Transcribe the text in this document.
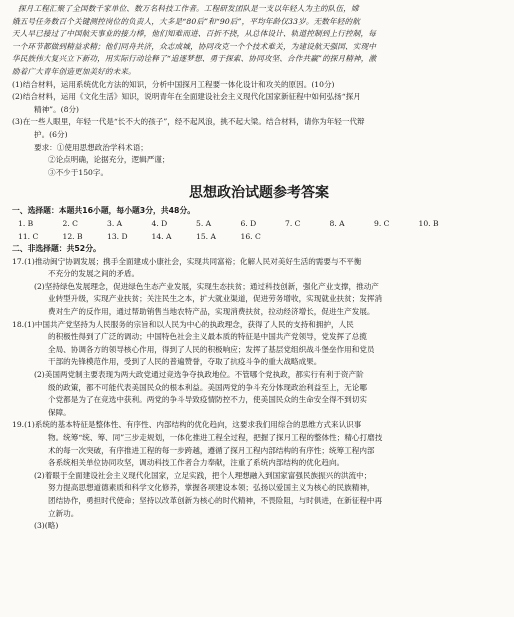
探月工程汇聚了全国数千家单位、数万名科技工作者。工程研发团队是一支以年轻人为主的队伍，嫦
娥五号任务数百个关键测控岗位的负责人，大多是“80后”和“90后”，平均年龄仅33岁。无数年轻的航
天人早已接过了中国航天事业的接力棒，他们知难而进、百折不挠，从总体设计、轨道控制到上行控制，每
一个环节都做到精益求精；他们同舟共济，众志成城，协同攻克一个个技术难关，为建设航天强国、实现中
华民族伟大复兴立下新功，用实际行动诠释了“追逐梦想、勇于探索、协同攻坚、合作共赢”的探月精神，激
励着广大青年创造更加美好的未来。
(1)结合材料，运用系统优化方法的知识，分析中国探月工程要一体化设计和攻关的原因。(10分)
(2)结合材料，运用《文化生活》知识，说明青年在全面建设社会主义现代化国家新征程中如何弘扬“探月
精神”。(8分)
(3)在一些人眼里，年轻一代是“长不大的孩子”，经不起风浪，挑不起大梁。结合材料，请你为年轻一代辩
护。(6分)
要求：①使用思想政治学科术语；
②论点明确，论据充分，逻辑严谨；
③不少于150字。
思想政治试题参考答案
一、选择题：本题共16小题，每小题3分，共48分。
1. B	2. C	3. A	4. D	5. A	6. D	7. C	8. A	9. C	10. B
11. C	12. B	13. D	14. A	15. A	16. C
二、非选择题：共52分。
17.(1)推动闽宁协调发展；携手全面建成小康社会，实现共同富裕；化解人民对美好生活的需要与不平衡
不充分的发展之间的矛盾。
(2)坚持绿色发展理念，促进绿色生态产业发展，实现生态扶贫；通过科技创新，强化产业支撑，推动产
业转型升级，实现产业扶贫；关注民生之本，扩大就业渠道，促进劳务增收，实现就业扶贫；发挥消
费对生产的反作用，通过帮助销售当地农特产品，实现消费扶贫，拉动经济增长，促进生产发展。
18.(1)中国共产党坚持为人民服务的宗旨和以人民为中心的执政理念，获得了人民的支持和拥护，人民
的积极性得到了广泛的调动；中国特色社会主义最本质的特征是中国共产党领导，党发挥了总揽
全局、协调各方的领导核心作用，得到了人民的积极响应；发挥了基层党组织战斗堡垒作用和党员
干部的先锋模范作用，受到了人民的普遍赞誉，夺取了抗疫斗争的重大战略成果。
(2)美国两党制主要表现为两大政党通过竞选争夺执政地位。不管哪个党执政，都实行有利于资产阶
级的政策，都不可能代表美国民众的根本利益。美国两党的争斗充分体现政治利益至上，无论哪
个党都是为了在竞选中获利。两党的争斗导致疫情防控不力，使美国民众的生命安全得不到切实
保障。
19.(1)系统的基本特征是整体性、有序性、内部结构的优化趋向，这要求我们用综合的思维方式来认识事
物。统筹“统、筹、同”三步走规划，一体化推进工程全过程，把握了探月工程的整体性；精心打磨技
术的每一次突破，有序推进工程的每一步跨越，遵循了探月工程内部结构的有序性；统筹工程内部
各系统相关单位协同攻坚，调动科技工作者合力奉献，注重了系统内部结构的优化趋向。
(2)着眼于全面建设社会主义现代化国家，立足实践，把个人理想融入到国家富强民族振兴的洪流中；
努力提高思想道德素质和科学文化修养，掌握各项建设本领；弘扬以爱国主义为核心的民族精神，
团结协作，勇担时代使命；坚持以改革创新为核心的时代精神，不畏险阻，与时俱进，在新征程中再
立新功。
(3)(略)
